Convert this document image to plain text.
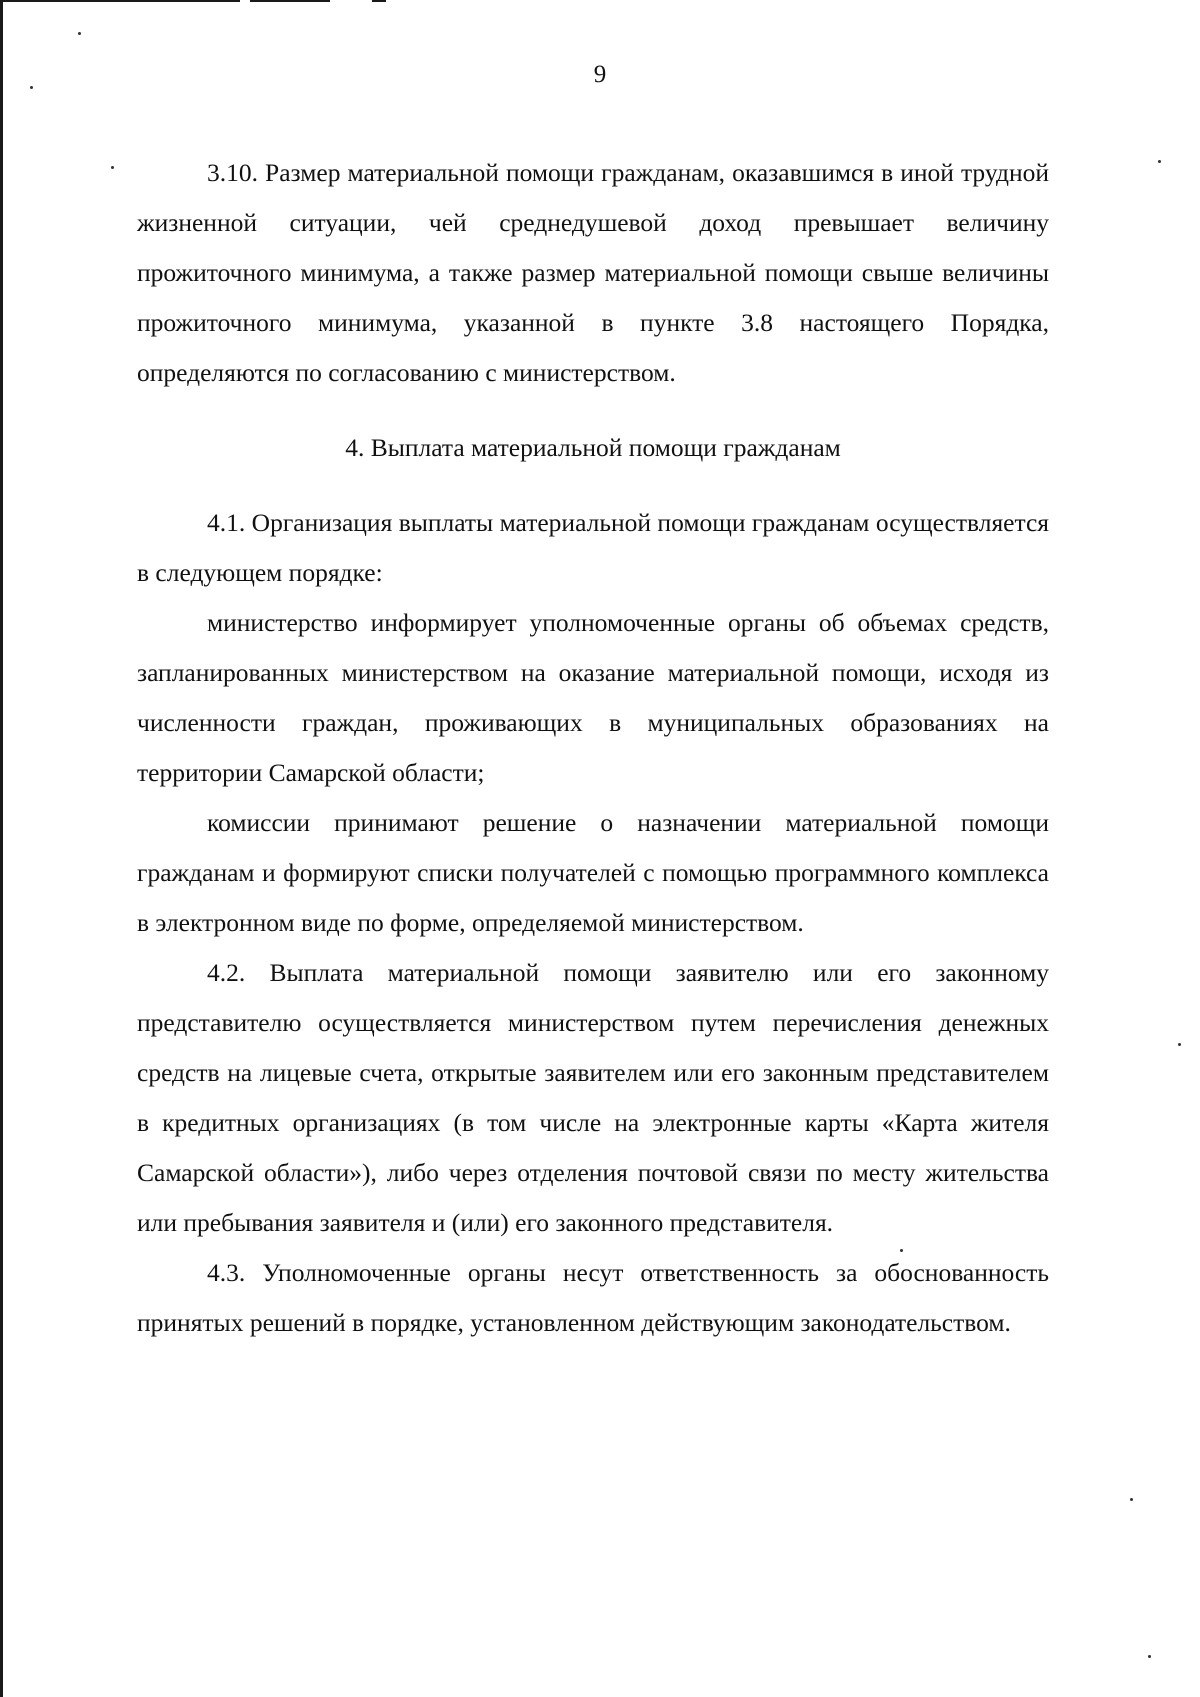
9

3.10. Размер материальной помощи гражданам, оказавшимся в иной трудной жизненной ситуации, чей среднедушевой доход превышает величину прожиточного минимума, а также размер материальной помощи свыше величины прожиточного минимума, указанной в пункте 3.8 настоящего Порядка, определяются по согласованию с министерством.

4. Выплата материальной помощи гражданам

4.1. Организация выплаты материальной помощи гражданам осуществляется в следующем порядке:

министерство информирует уполномоченные органы об объемах средств, запланированных министерством на оказание материальной помощи, исходя из численности граждан, проживающих в муниципальных образованиях на территории Самарской области;

комиссии принимают решение о назначении материальной помощи гражданам и формируют списки получателей с помощью программного комплекса в электронном виде по форме, определяемой министерством.

4.2. Выплата материальной помощи заявителю или его законному представителю осуществляется министерством путем перечисления денежных средств на лицевые счета, открытые заявителем или его законным представителем в кредитных организациях (в том числе на электронные карты «Карта жителя Самарской области»), либо через отделения почтовой связи по месту жительства или пребывания заявителя и (или) его законного представителя.

4.3. Уполномоченные органы несут ответственность за обоснованность принятых решений в порядке, установленном действующим законодательством.
